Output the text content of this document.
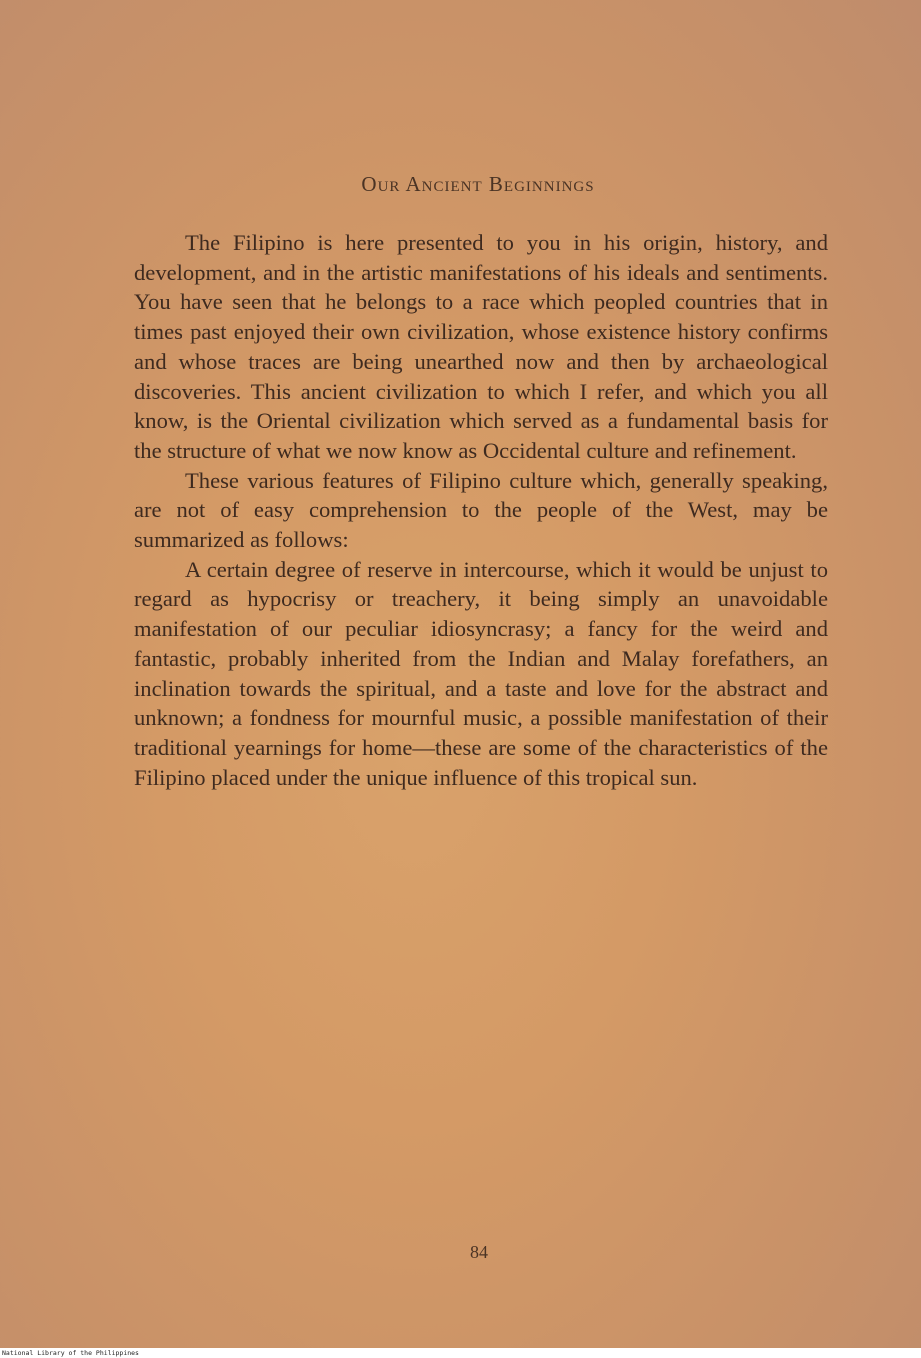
Our Ancient Beginnings

The Filipino is here presented to you in his origin, history, and development, and in the artistic manifestations of his ideals and sentiments. You have seen that he belongs to a race which peopled countries that in times past enjoyed their own civilization, whose existence history confirms and whose traces are being unearthed now and then by archaeological discoveries. This ancient civilization to which I refer, and which you all know, is the Oriental civilization which served as a fundamental basis for the structure of what we now know as Occidental culture and refinement.

These various features of Filipino culture which, generally speaking, are not of easy comprehension to the people of the West, may be summarized as follows:

A certain degree of reserve in intercourse, which it would be unjust to regard as hypocrisy or treachery, it being simply an unavoidable manifestation of our peculiar idiosyncrasy; a fancy for the weird and fantastic, probably inherited from the Indian and Malay forefathers, an inclination towards the spiritual, and a taste and love for the abstract and unknown; a fondness for mournful music, a possible manifestation of their traditional yearnings for home—these are some of the characteristics of the Filipino placed under the unique influence of this tropical sun.

84
National Library of the Philippines
